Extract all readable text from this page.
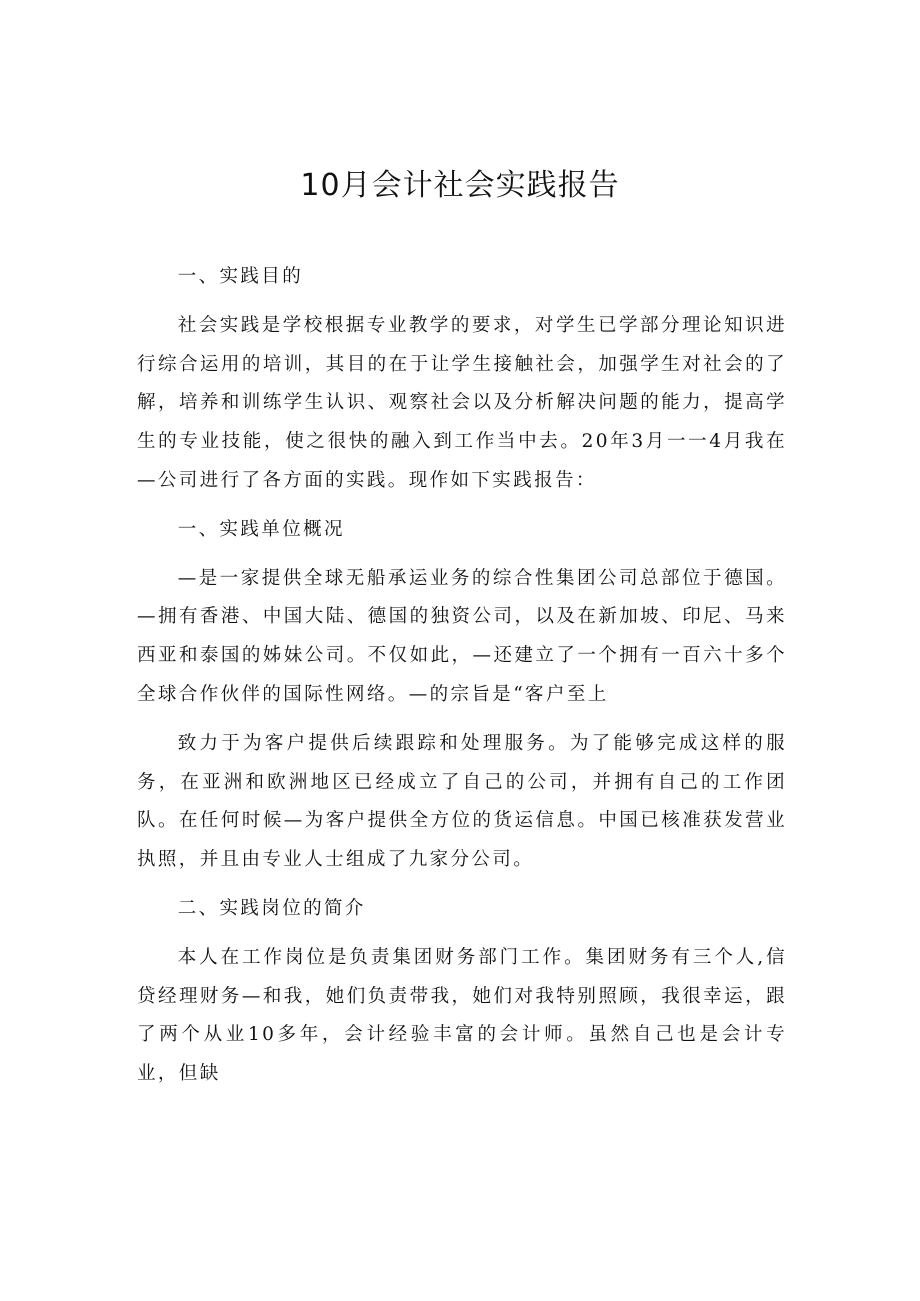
10月会计社会实践报告

一、实践目的

社会实践是学校根据专业教学的要求，对学生已学部分理论知识进行综合运用的培训，其目的在于让学生接触社会，加强学生对社会的了解，培养和训练学生认识、观察社会以及分析解决问题的能力，提高学生的专业技能，使之很快的融入到工作当中去。20年3月一一4月我在—公司进行了各方面的实践。现作如下实践报告：

一、实践单位概况

—是一家提供全球无船承运业务的综合性集团公司总部位于德国。—拥有香港、中国大陆、德国的独资公司，以及在新加坡、印尼、马来西亚和泰国的姊妹公司。不仅如此，—还建立了一个拥有一百六十多个全球合作伙伴的国际性网络。—的宗旨是“客户至上

致力于为客户提供后续跟踪和处理服务。为了能够完成这样的服务，在亚洲和欧洲地区已经成立了自己的公司，并拥有自己的工作团队。在任何时候—为客户提供全方位的货运信息。中国已核准获发营业执照，并且由专业人士组成了九家分公司。

二、实践岗位的简介

本人在工作岗位是负责集团财务部门工作。集团财务有三个人,信贷经理财务—和我，她们负责带我，她们对我特别照顾，我很幸运，跟了两个从业10多年，会计经验丰富的会计师。虽然自己也是会计专业，但缺
